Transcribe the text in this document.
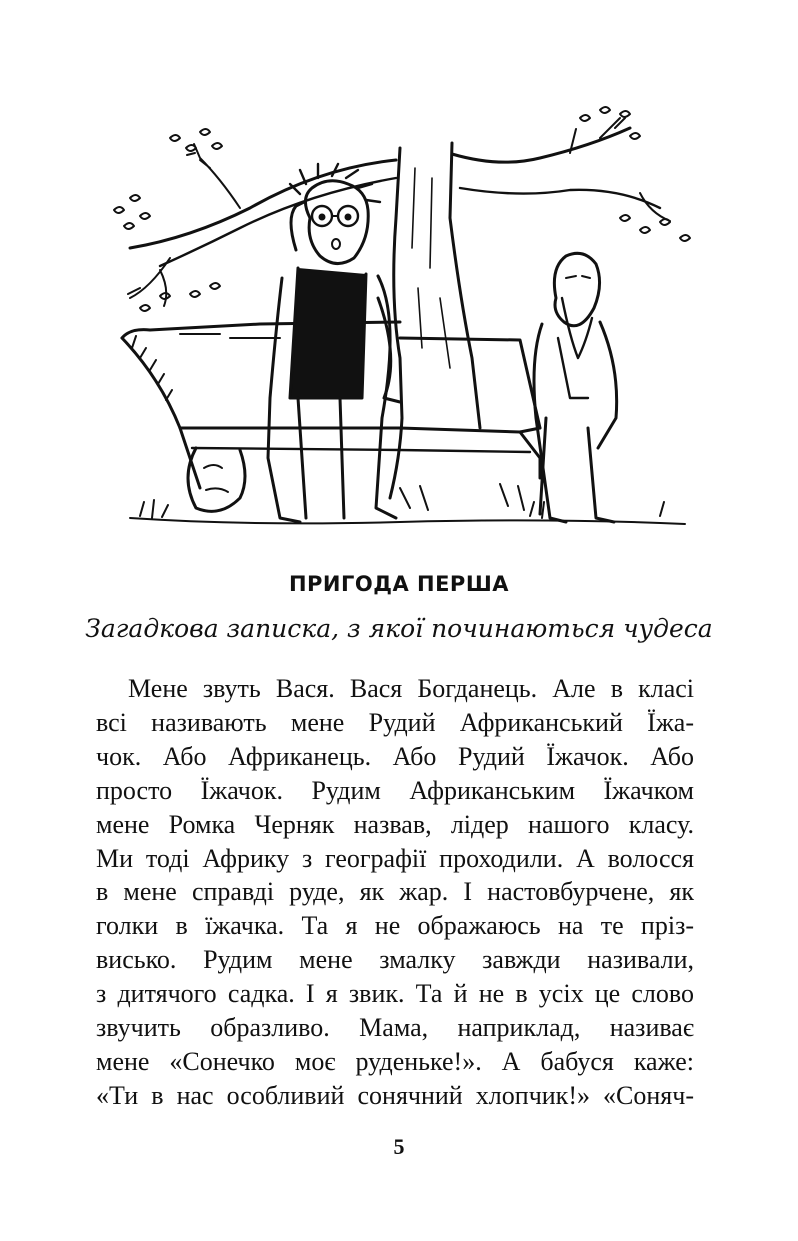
ПРИГОДА ПЕРША
Загадкова записка, з якої починаються чудеса
Мене звуть Вася. Вася Богданець. Але в класі
всі називають мене Рудий Африканський Їжа-
чок. Або Африканець. Або Рудий Їжачок. Або
просто Їжачок. Рудим Африканським Їжачком
мене Ромка Черняк назвав, лідер нашого класу.
Ми тоді Африку з географії проходили. А волосся
в мене справді руде, як жар. І настовбурчене, як
голки в їжачка. Та я не ображаюсь на те пріз-
висько. Рудим мене змалку завжди називали,
з дитячого садка. І я звик. Та й не в усіх це слово
звучить образливо. Мама, наприклад, називає
мене «Сонечко моє руденьке!». А бабуся каже:
«Ти в нас особливий сонячний хлопчик!» «Соняч-
5
